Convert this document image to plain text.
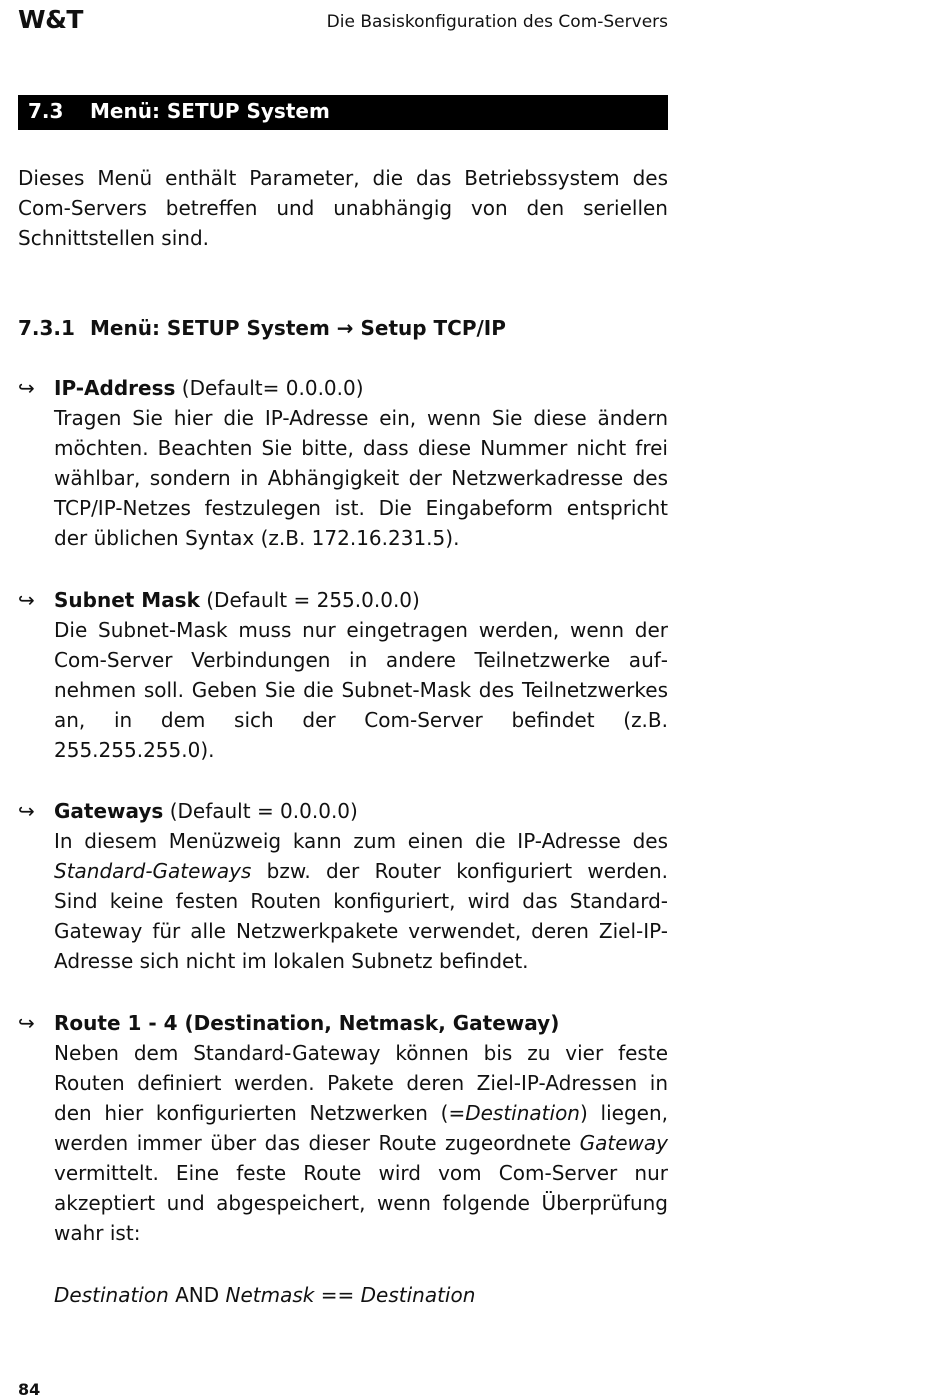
W&T	Die Basiskonfiguration des Com-Servers
7.3 Menü: SETUP System

Dieses Menü enthält Parameter, die das Betriebssystem des Com-Servers betreffen und unabhängig von den seriellen Schnittstellen sind.

7.3.1 Menü: SETUP System → Setup TCP/IP
↪ IP-Address (Default= 0.0.0.0)

Tragen Sie hier die IP-Adresse ein, wenn Sie diese ändern möchten. Beachten Sie bitte, dass diese Nummer nicht frei wählbar, sondern in Abhängigkeit der Netzwerkadresse des TCP/IP-Netzes festzulegen ist. Die Eingabeform entspricht der üblichen Syntax (z.B. 172.16.231.5).

↪ Subnet Mask (Default = 255.0.0.0)

Die Subnet-Mask muss nur eingetragen werden, wenn der Com-Server Verbindungen in andere Teilnetzwerke aufnehmen soll. Geben Sie die Subnet-Mask des Teilnetzwerkes an, in dem sich der Com-Server befindet (z.B. 255.255.255.0).

↪ Gateways (Default = 0.0.0.0)

In diesem Menüzweig kann zum einen die IP-Adresse des Standard-Gateways bzw. der Router konfiguriert werden. Sind keine festen Routen konfiguriert, wird das Standard-Gateway für alle Netzwerkpakete verwendet, deren Ziel-IP-Adresse sich nicht im lokalen Subnetz befindet.

↪ Route 1 - 4 (Destination, Netmask, Gateway)

Neben dem Standard-Gateway können bis zu vier feste Routen definiert werden. Pakete deren Ziel-IP-Adressen in den hier konfigurierten Netzwerken (=Destination) liegen, werden immer über das dieser Route zugeordnete Gateway vermittelt. Eine feste Route wird vom Com-Server nur akzeptiert und abgespeichert, wenn folgende Überprüfung wahr ist:

Destination AND Netmask == Destination
84
